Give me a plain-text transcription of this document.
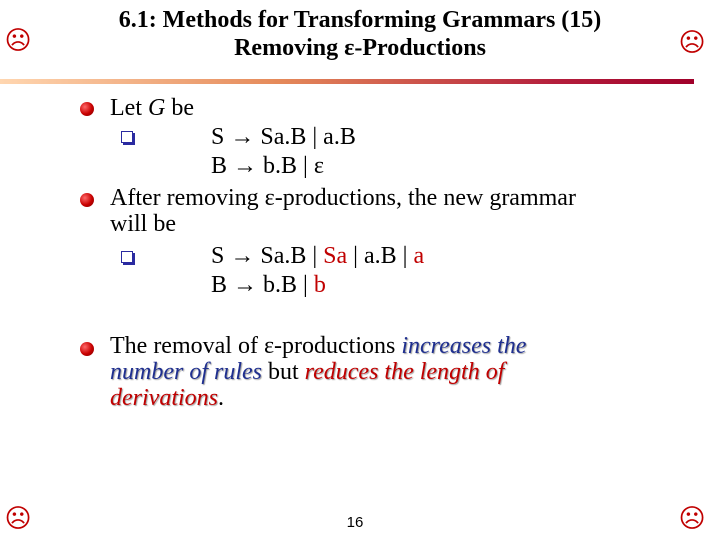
☹	☹
☹	☹
6.1: Methods for Transforming Grammars (15)
Removing ε-Productions
Let G be
S → Sa.B | a.B
B → b.B | ε
After removing ε-productions, the new grammar
will be
S → Sa.B | Sa | a.B | a
B → b.B | b
The removal of ε-productions increases the
number of rules but reduces the length of
derivations.
16
